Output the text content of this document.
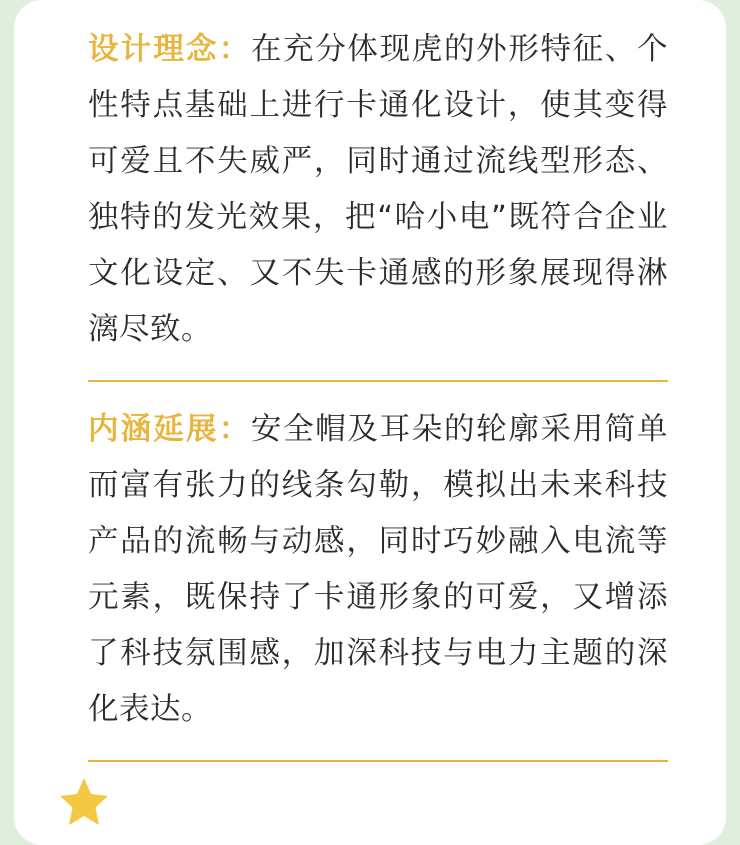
设计理念：在充分体现虎的外形特征、个性特点基础上进行卡通化设计，使其变得可爱且不失威严，同时通过流线型形态、独特的发光效果，把“哈小电”既符合企业文化设定、又不失卡通感的形象展现得淋漓尽致。

内涵延展：安全帽及耳朵的轮廓采用简单而富有张力的线条勾勒，模拟出未来科技产品的流畅与动感，同时巧妙融入电流等元素，既保持了卡通形象的可爱，又增添了科技氛围感，加深科技与电力主题的深化表达。
